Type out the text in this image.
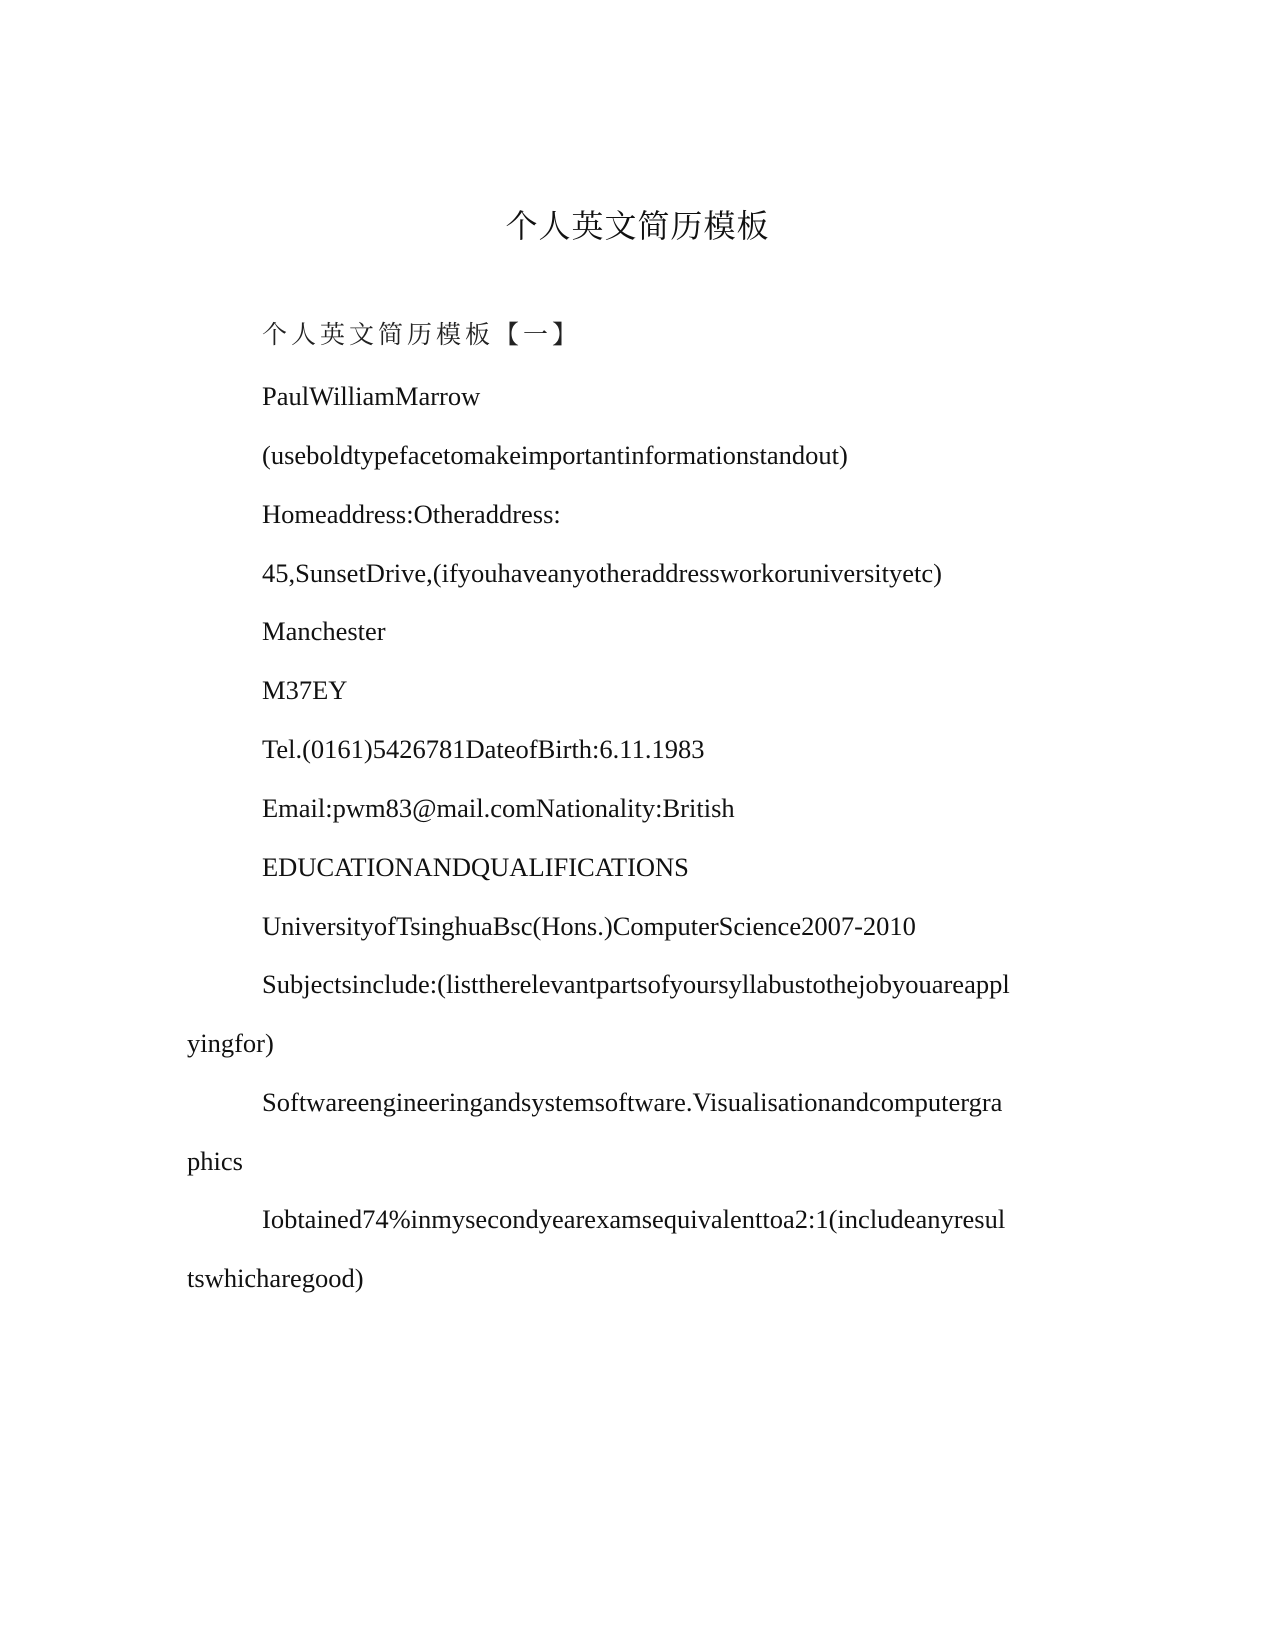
个人英文简历模板
个人英文简历模板【一】
PaulWilliamMarrow
(useboldtypefacetomakeimportantinformationstandout)
Homeaddress:Otheraddress:
45,SunsetDrive,(ifyouhaveanyotheraddressworkoruniversityetc)
Manchester
M37EY
Tel.(0161)5426781DateofBirth:6.11.1983
Email:pwm83@mail.comNationality:British
EDUCATIONANDQUALIFICATIONS
UniversityofTsinghuaBsc(Hons.)ComputerScience2007-2010
Subjectsinclude:(listtherelevantpartsofyoursyllabustothejobyouareappl
yingfor)
Softwareengineeringandsystemsoftware.Visualisationandcomputergra
phics
Iobtained74%inmysecondyearexamsequivalenttoa2:1(includeanyresul
tswhicharegood)
